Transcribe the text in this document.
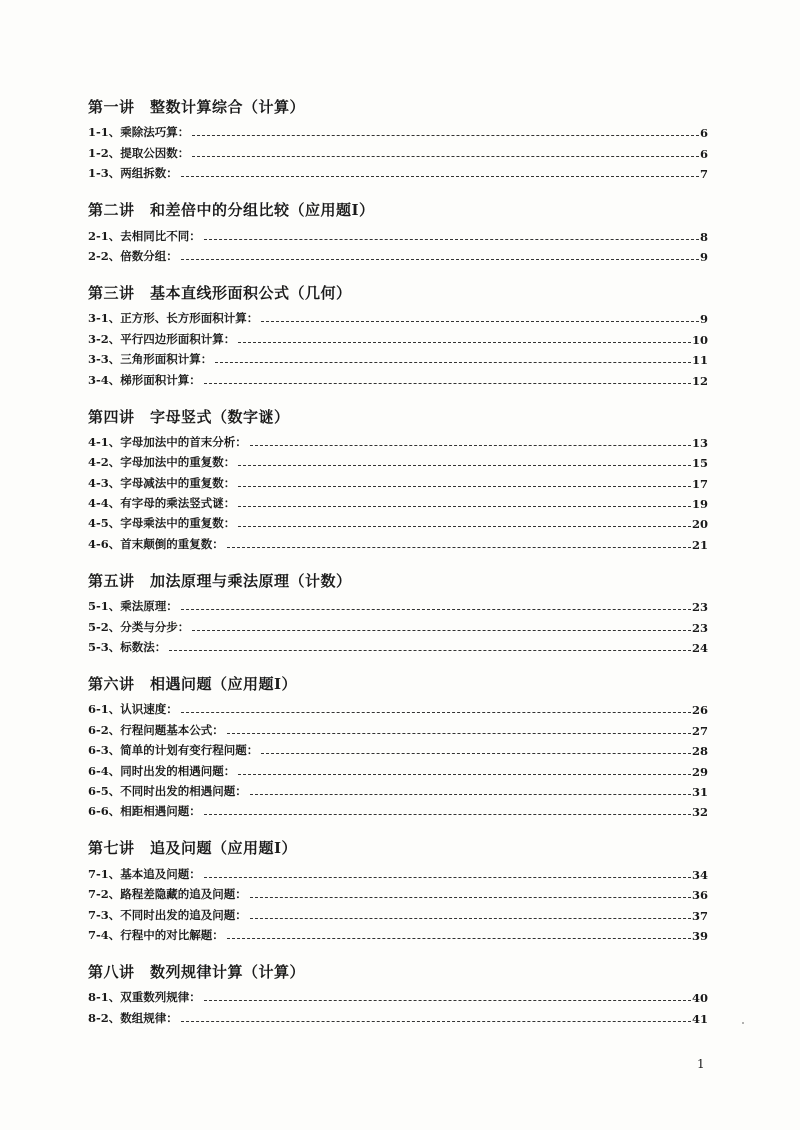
第一讲　整数计算综合（计算）
1-1、乘除法巧算：	6
1-2、提取公因数：	6
1-3、两组拆数：	7
第二讲　和差倍中的分组比较（应用题Ⅰ）
2-1、去相同比不同：	8
2-2、倍数分组：	9
第三讲　基本直线形面积公式（几何）
3-1、正方形、长方形面积计算：	9
3-2、平行四边形面积计算：	10
3-3、三角形面积计算：	11
3-4、梯形面积计算：	12
第四讲　字母竖式（数字谜）
4-1、字母加法中的首末分析：	13
4-2、字母加法中的重复数：	15
4-3、字母减法中的重复数：	17
4-4、有字母的乘法竖式谜：	19
4-5、字母乘法中的重复数：	20
4-6、首末颠倒的重复数：	21
第五讲　加法原理与乘法原理（计数）
5-1、乘法原理：	23
5-2、分类与分步：	23
5-3、标数法：	24
第六讲　相遇问题（应用题Ⅰ）
6-1、认识速度：	26
6-2、行程问题基本公式：	27
6-3、简单的计划有变行程问题：	28
6-4、同时出发的相遇问题：	29
6-5、不同时出发的相遇问题：	31
6-6、相距相遇问题：	32
第七讲　追及问题（应用题Ⅰ）
7-1、基本追及问题：	34
7-2、路程差隐藏的追及问题：	36
7-3、不同时出发的追及问题：	37
7-4、行程中的对比解题：	39
第八讲　数列规律计算（计算）
8-1、双重数列规律：	40
8-2、数组规律：	41
1
